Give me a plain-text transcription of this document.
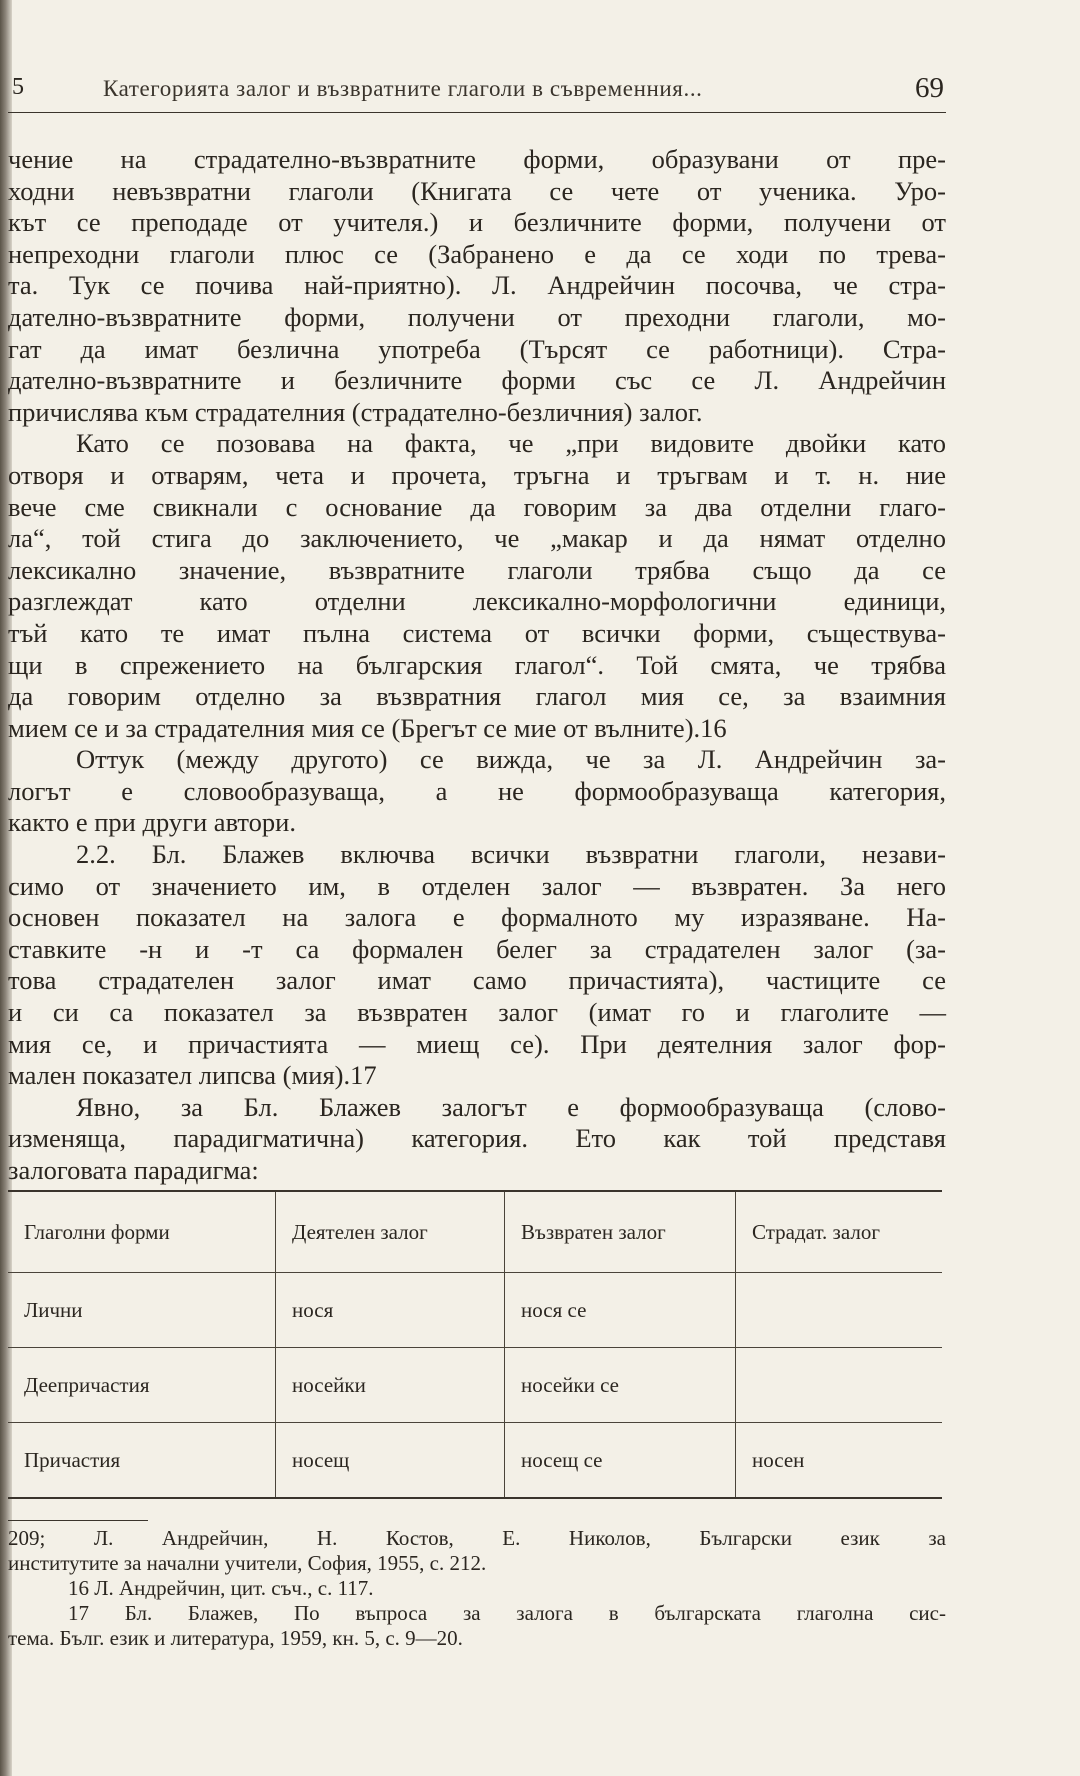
5	Категорията залог и възвратните глаголи в съвременния...	69
чение на страдателно-възвратните форми, образувани от пре-
ходни невъзвратни глаголи (Книгата се чете от ученика. Уро-
кът се преподаде от учителя.) и безличните форми, получени от
непреходни глаголи плюс се (Забранено е да се ходи по трева-
та. Тук се почива най-приятно). Л. Андрейчин посочва, че стра-
дателно-възвратните форми, получени от преходни глаголи, мо-
гат да имат безлична употреба (Търсят се работници). Стра-
дателно-възвратните и безличните форми със се Л. Андрейчин
причислява към страдателния (страдателно-безличния) залог.
Като се позовава на факта, че „при видовите двойки като
отворя и отварям, чета и прочета, тръгна и тръгвам и т. н. ние
вече сме свикнали с основание да говорим за два отделни глаго-
ла“, той стига до заключението, че „макар и да нямат отделно
лексикално значение, възвратните глаголи трябва също да се
разглеждат като отделни лексикално-морфологични единици,
тъй като те имат пълна система от всички форми, съществува-
щи в спрежението на българския глагол“. Той смята, че трябва
да говорим отделно за възвратния глагол мия се, за взаимния
мием се и за страдателния мия се (Брегът се мие от вълните).16
Оттук (между другото) се вижда, че за Л. Андрейчин за-
логът е словообразуваща, а не формообразуваща категория,
както е при други автори.
2.2. Бл. Блажев включва всички възвратни глаголи, незави-
симо от значението им, в отделен залог — възвратен. За него
основен показател на залога е формалното му изразяване. На-
ставките -н и -т са формален белег за страдателен залог (за-
това страдателен залог имат само причастията), частиците се
и си са показател за възвратен залог (имат го и глаголите —
мия се, и причастията — миещ се). При деятелния залог фор-
мален показател липсва (мия).17
Явно, за Бл. Блажев залогът е формообразуваща (слово-
изменяща, парадигматична) категория. Ето как той представя
залоговата парадигма:
Глаголни форми	Деятелен залог	Възвратен залог	Страдат. залог
Лични	нося	нося се	
Деепричастия	носейки	носейки се	
Причастия	носещ	носещ се	носен
209; Л. Андрейчин, Н. Костов, Е. Николов, Български език за
институтите за начални учители, София, 1955, с. 212.
16 Л. Андрейчин, цит. съч., с. 117.
17 Бл. Блажев, По въпроса за залога в българската глаголна сис-
тема. Бълг. език и литература, 1959, кн. 5, с. 9—20.
